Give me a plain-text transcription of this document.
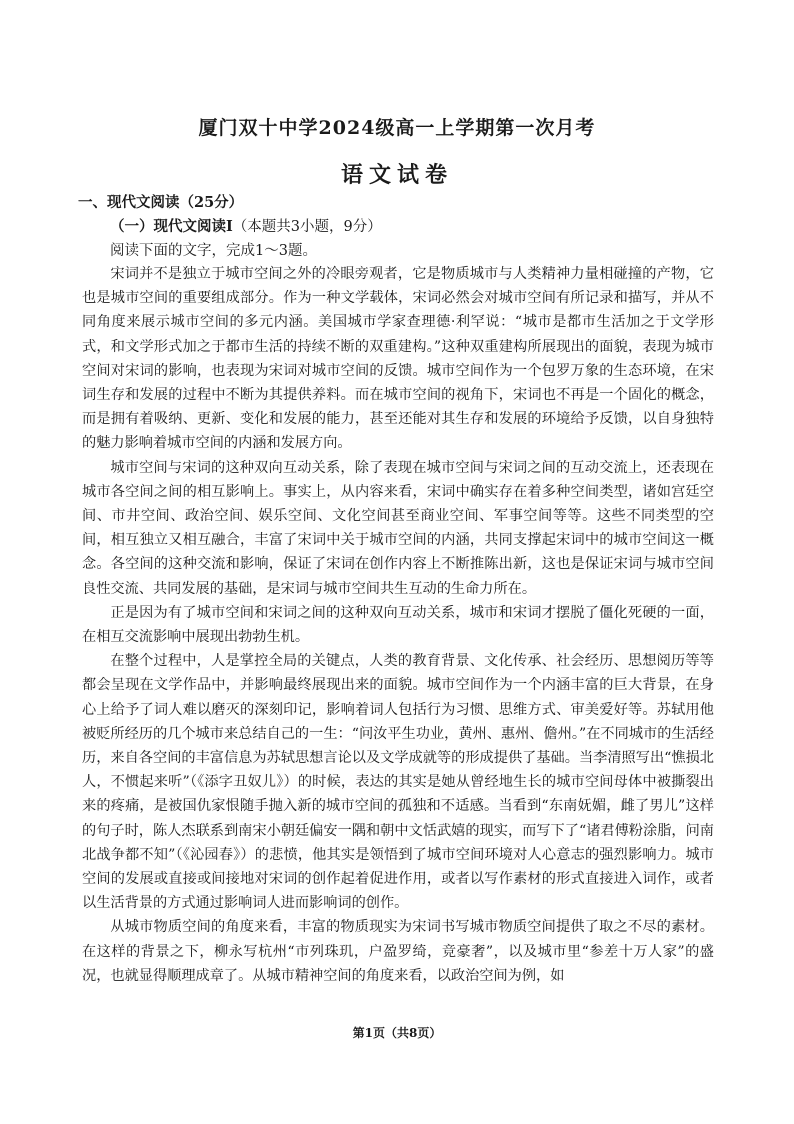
厦门双十中学2024级高一上学期第一次月考
语文试卷
一、现代文阅读（25分）
（一）现代文阅读Ⅰ（本题共3小题，9分）
阅读下面的文字，完成1～3题。

宋词并不是独立于城市空间之外的冷眼旁观者，它是物质城市与人类精神力量相碰撞的产物，它也是城市空间的重要组成部分。作为一种文学载体，宋词必然会对城市空间有所记录和描写，并从不同角度来展示城市空间的多元内涵。美国城市学家查理德·利罕说：“城市是都市生活加之于文学形式，和文学形式加之于都市生活的持续不断的双重建构。”这种双重建构所展现出的面貌，表现为城市空间对宋词的影响，也表现为宋词对城市空间的反馈。城市空间作为一个包罗万象的生态环境，在宋词生存和发展的过程中不断为其提供养料。而在城市空间的视角下，宋词也不再是一个固化的概念，而是拥有着吸纳、更新、变化和发展的能力，甚至还能对其生存和发展的环境给予反馈，以自身独特的魅力影响着城市空间的内涵和发展方向。

城市空间与宋词的这种双向互动关系，除了表现在城市空间与宋词之间的互动交流上，还表现在城市各空间之间的相互影响上。事实上，从内容来看，宋词中确实存在着多种空间类型，诸如宫廷空间、市井空间、政治空间、娱乐空间、文化空间甚至商业空间、军事空间等等。这些不同类型的空间，相互独立又相互融合，丰富了宋词中关于城市空间的内涵，共同支撑起宋词中的城市空间这一概念。各空间的这种交流和影响，保证了宋词在创作内容上不断推陈出新，这也是保证宋词与城市空间良性交流、共同发展的基础，是宋词与城市空间共生互动的生命力所在。

正是因为有了城市空间和宋词之间的这种双向互动关系，城市和宋词才摆脱了僵化死硬的一面，在相互交流影响中展现出勃勃生机。

在整个过程中，人是掌控全局的关键点，人类的教育背景、文化传承、社会经历、思想阅历等等都会呈现在文学作品中，并影响最终展现出来的面貌。城市空间作为一个内涵丰富的巨大背景，在身心上给予了词人难以磨灭的深刻印记，影响着词人包括行为习惯、思维方式、审美爱好等。苏轼用他被贬所经历的几个城市来总结自己的一生：“问汝平生功业，黄州、惠州、儋州。”在不同城市的生活经历，来自各空间的丰富信息为苏轼思想言论以及文学成就等的形成提供了基础。当李清照写出“憔损北人，不惯起来听”（《添字丑奴儿》）的时候，表达的其实是她从曾经地生长的城市空间母体中被撕裂出来的疼痛，是被国仇家恨随手抛入新的城市空间的孤独和不适感。当看到“东南妩媚，雌了男儿”这样的句子时，陈人杰联系到南宋小朝廷偏安一隅和朝中文恬武嬉的现实，而写下了“诸君傅粉涂脂，问南北战争都不知”（《沁园春》）的悲愤，他其实是领悟到了城市空间环境对人心意志的强烈影响力。城市空间的发展或直接或间接地对宋词的创作起着促进作用，或者以写作素材的形式直接进入词作，或者以生活背景的方式通过影响词人进而影响词的创作。

从城市物质空间的角度来看，丰富的物质现实为宋词书写城市物质空间提供了取之不尽的素材。在这样的背景之下，柳永写杭州“市列珠玑，户盈罗绮，竞豪奢”，以及城市里“参差十万人家”的盛况，也就显得顺理成章了。从城市精神空间的角度来看，以政治空间为例，如

第1页（共8页）
